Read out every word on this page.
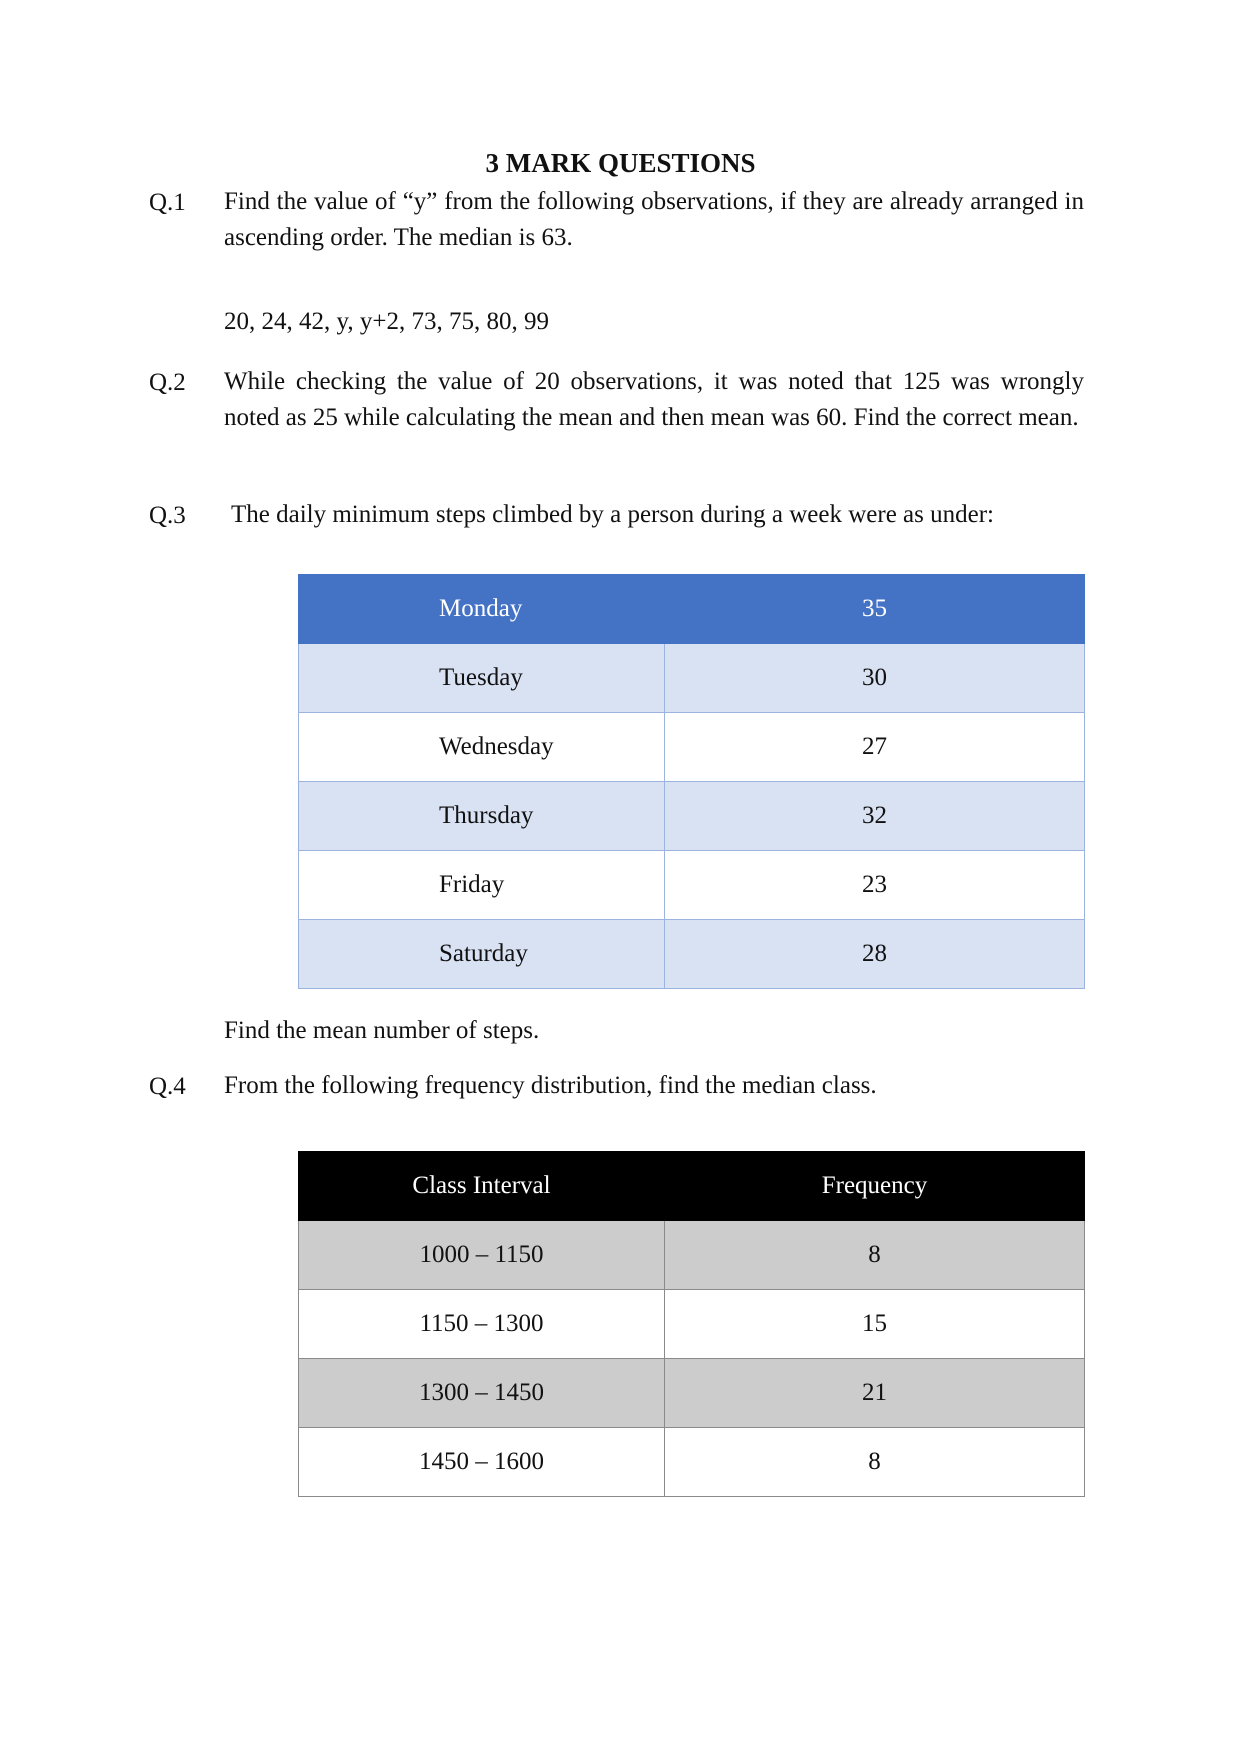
3 MARK QUESTIONS
Q.1 Find the value of “y” from the following observations, if they are already arranged in ascending order. The median is 63.
20, 24, 42, y, y+2, 73, 75, 80, 99
Q.2 While checking the value of 20 observations, it was noted that 125 was wrongly noted as 25 while calculating the mean and then mean was 60. Find the correct mean.
Q.3 The daily minimum steps climbed by a person during a week were as under:
Monday	35
Tuesday	30
Wednesday	27
Thursday	32
Friday	23
Saturday	28
Find the mean number of steps.
Q.4 From the following frequency distribution, find the median class.
Class Interval	Frequency
1000 – 1150	8
1150 – 1300	15
1300 – 1450	21
1450 – 1600	8
